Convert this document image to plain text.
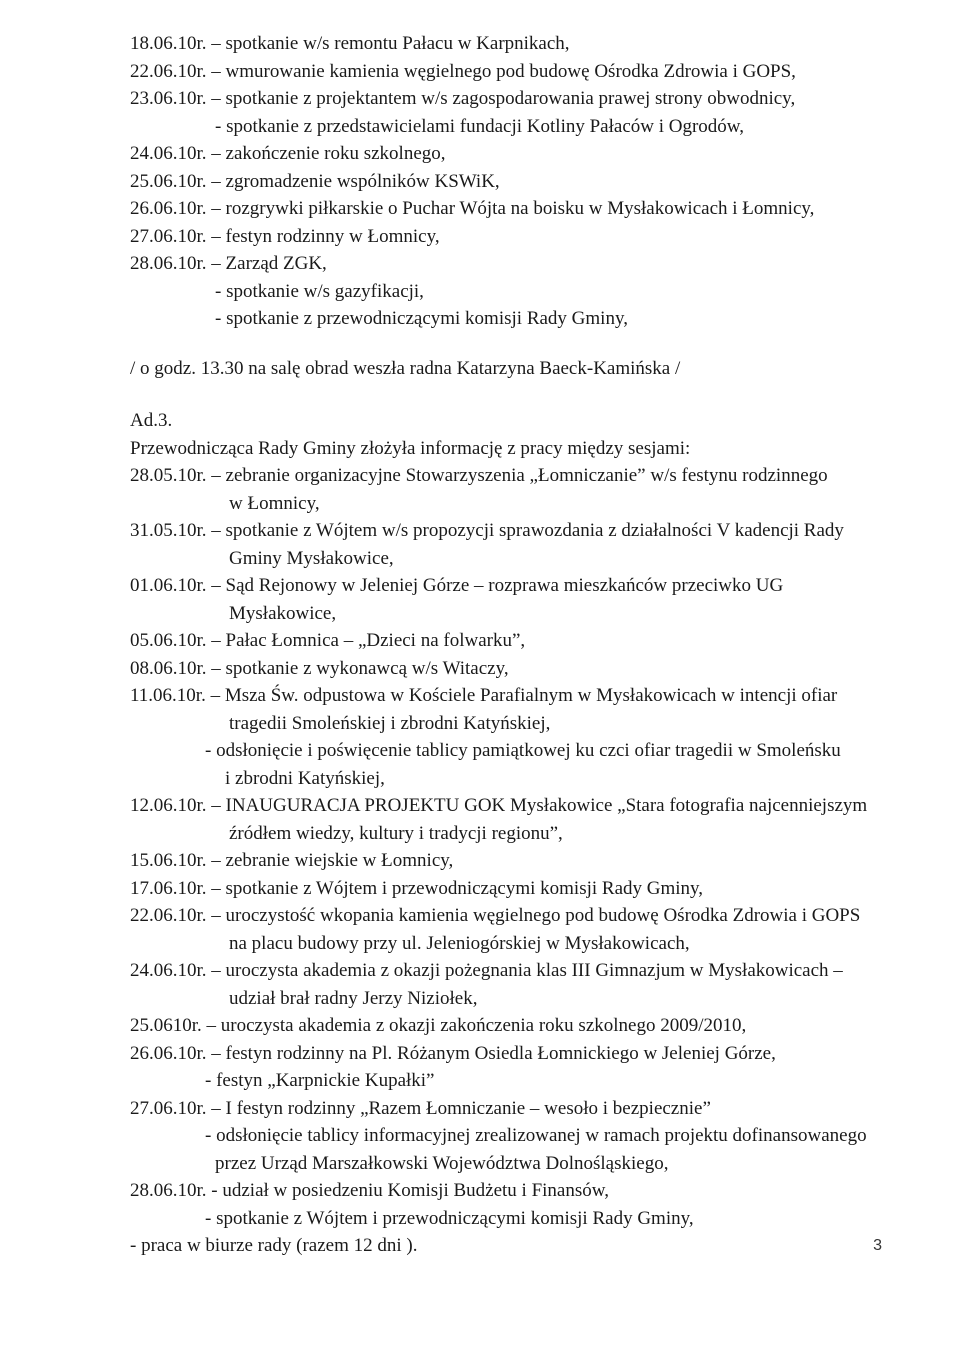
18.06.10r. – spotkanie w/s remontu Pałacu w Karpnikach,
22.06.10r. – wmurowanie kamienia węgielnego pod budowę Ośrodka Zdrowia i GOPS,
23.06.10r. – spotkanie z projektantem w/s zagospodarowania prawej strony obwodnicy,
- spotkanie z przedstawicielami fundacji Kotliny Pałaców i Ogrodów,
24.06.10r. – zakończenie roku szkolnego,
25.06.10r. – zgromadzenie wspólników KSWiK,
26.06.10r. – rozgrywki piłkarskie o Puchar Wójta na boisku w Mysłakowicach i Łomnicy,
27.06.10r. – festyn rodzinny w Łomnicy,
28.06.10r. – Zarząd ZGK,
- spotkanie w/s gazyfikacji,
- spotkanie z przewodniczącymi komisji Rady Gminy,
/ o godz. 13.30 na salę obrad weszła radna Katarzyna Baeck-Kamińska /
Ad.3.
Przewodnicząca Rady Gminy złożyła informację z pracy między sesjami:
28.05.10r. – zebranie organizacyjne Stowarzyszenia „Łomniczanie” w/s festynu rodzinnego
w Łomnicy,
31.05.10r. – spotkanie z Wójtem w/s propozycji sprawozdania z działalności V kadencji Rady
Gminy Mysłakowice,
01.06.10r. – Sąd Rejonowy w Jeleniej Górze – rozprawa mieszkańców przeciwko UG
Mysłakowice,
05.06.10r. – Pałac Łomnica – „Dzieci na folwarku”,
08.06.10r. – spotkanie z wykonawcą w/s Witaczy,
11.06.10r. – Msza Św. odpustowa w Kościele Parafialnym w Mysłakowicach w intencji ofiar
tragedii Smoleńskiej i zbrodni Katyńskiej,
- odsłonięcie i poświęcenie tablicy pamiątkowej ku czci ofiar tragedii w Smoleńsku
i zbrodni Katyńskiej,
12.06.10r. – INAUGURACJA PROJEKTU GOK Mysłakowice „Stara fotografia najcenniejszym
źródłem wiedzy, kultury i tradycji regionu”,
15.06.10r. – zebranie wiejskie w Łomnicy,
17.06.10r. – spotkanie z Wójtem i przewodniczącymi komisji Rady Gminy,
22.06.10r. – uroczystość wkopania kamienia węgielnego pod budowę Ośrodka Zdrowia i GOPS
na placu budowy przy ul. Jeleniogórskiej w Mysłakowicach,
24.06.10r. – uroczysta akademia z okazji pożegnania klas III Gimnazjum w Mysłakowicach –
udział brał radny Jerzy Niziołek,
25.0610r. – uroczysta akademia z okazji zakończenia roku szkolnego 2009/2010,
26.06.10r. – festyn rodzinny na Pl. Różanym Osiedla Łomnickiego w Jeleniej Górze,
- festyn „Karpnickie Kupałki”
27.06.10r. – I festyn rodzinny „Razem Łomniczanie – wesoło i bezpiecznie”
- odsłonięcie tablicy informacyjnej zrealizowanej w ramach projektu dofinansowanego
przez Urząd Marszałkowski Województwa Dolnośląskiego,
28.06.10r. - udział w posiedzeniu Komisji Budżetu i Finansów,
- spotkanie z Wójtem i przewodniczącymi komisji Rady Gminy,
- praca w biurze rady (razem 12 dni ).	3
